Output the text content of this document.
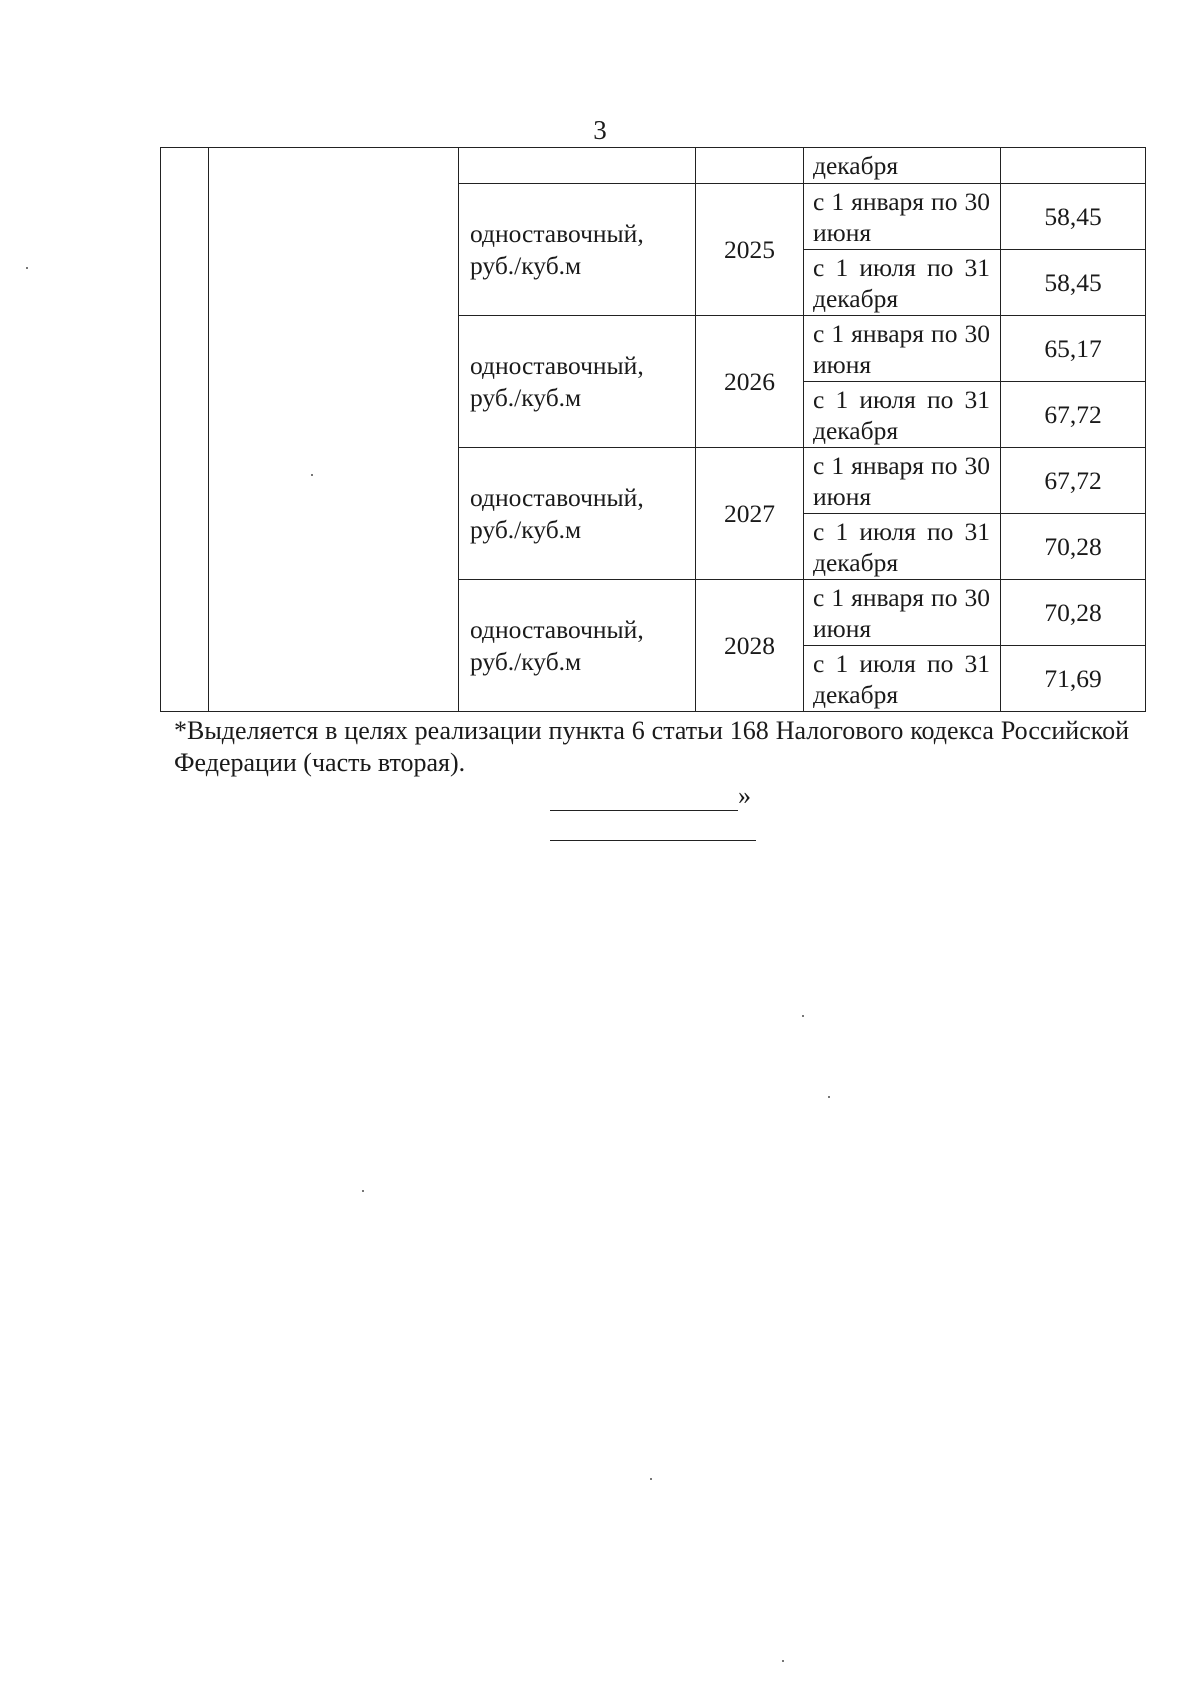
3
				декабря	
		одноставочный, руб./куб.м	2025	с 1 января по 30 июня	58,45
				с 1 июля по 31 декабря	58,45
		одноставочный, руб./куб.м	2026	с 1 января по 30 июня	65,17
				с 1 июля по 31 декабря	67,72
		одноставочный, руб./куб.м	2027	с 1 января по 30 июня	67,72
				с 1 июля по 31 декабря	70,28
		одноставочный, руб./куб.м	2028	с 1 января по 30 июня	70,28
				с 1 июля по 31 декабря	71,69

*Выделяется в целях реализации пункта 6 статьи 168 Налогового кодекса Российской Федерации (часть вторая).

»
